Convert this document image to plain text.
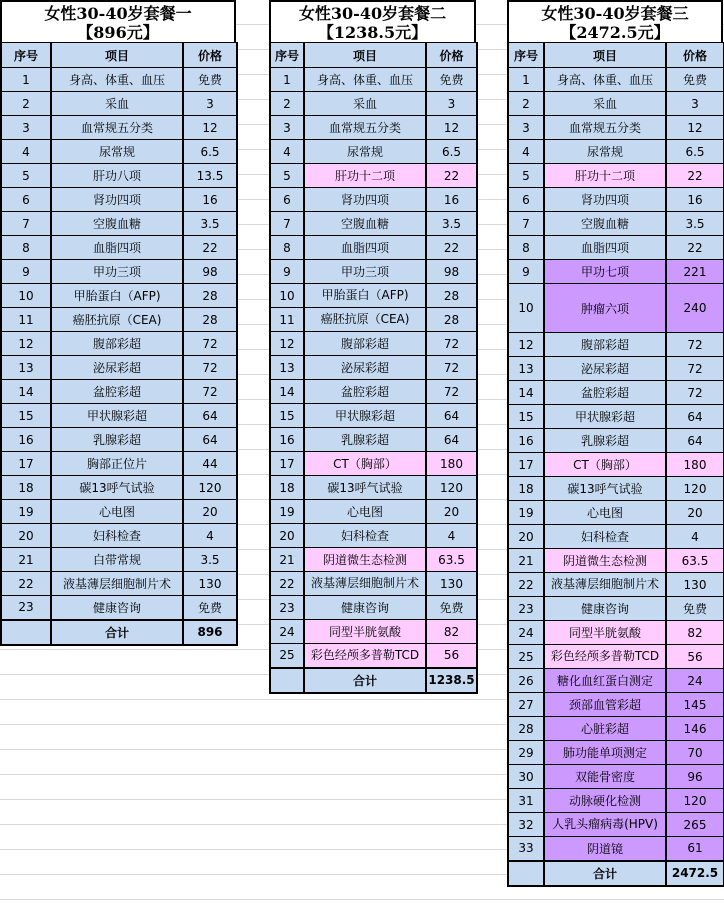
女性30-40岁套餐一
【896元】
序号	项目	价格
1	身高、体重、血压	免费
2	采血	3
3	血常规五分类	12
4	尿常规	6.5
5	肝功八项	13.5
6	肾功四项	16
7	空腹血糖	3.5
8	血脂四项	22
9	甲功三项	98
10	甲胎蛋白（AFP)	28
11	癌胚抗原（CEA)	28
12	腹部彩超	72
13	泌尿彩超	72
14	盆腔彩超	72
15	甲状腺彩超	64
16	乳腺彩超	64
17	胸部正位片	44
18	碳13呼气试验	120
19	心电图	20
20	妇科检查	4
21	白带常规	3.5
22	液基薄层细胞制片术	130
23	健康咨询	免费
	合计	896
女性30-40岁套餐二
【1238.5元】
序号	项目	价格
1	身高、体重、血压	免费
2	采血	3
3	血常规五分类	12
4	尿常规	6.5
5	肝功十二项	22
6	肾功四项	16
7	空腹血糖	3.5
8	血脂四项	22
9	甲功三项	98
10	甲胎蛋白（AFP)	28
11	癌胚抗原（CEA)	28
12	腹部彩超	72
13	泌尿彩超	72
14	盆腔彩超	72
15	甲状腺彩超	64
16	乳腺彩超	64
17	CT（胸部）	180
18	碳13呼气试验	120
19	心电图	20
20	妇科检查	4
21	阴道微生态检测	63.5
22	液基薄层细胞制片术	130
23	健康咨询	免费
24	同型半胱氨酸	82
25	彩色经颅多普勒TCD	56
	合计	1238.5
女性30-40岁套餐三
【2472.5元】
序号	项目	价格
1	身高、体重、血压	免费
2	采血	3
3	血常规五分类	12
4	尿常规	6.5
5	肝功十二项	22
6	肾功四项	16
7	空腹血糖	3.5
8	血脂四项	22
9	甲功七项	221
10	肿瘤六项	240
12	腹部彩超	72
13	泌尿彩超	72
14	盆腔彩超	72
15	甲状腺彩超	64
16	乳腺彩超	64
17	CT（胸部）	180
18	碳13呼气试验	120
19	心电图	20
20	妇科检查	4
21	阴道微生态检测	63.5
22	液基薄层细胞制片术	130
23	健康咨询	免费
24	同型半胱氨酸	82
25	彩色经颅多普勒TCD	56
26	糖化血红蛋白测定	24
27	颈部血管彩超	145
28	心脏彩超	146
29	肺功能单项测定	70
30	双能骨密度	96
31	动脉硬化检测	120
32	人乳头瘤病毒(HPV)	265
33	阴道镜	61
	合计	2472.5
